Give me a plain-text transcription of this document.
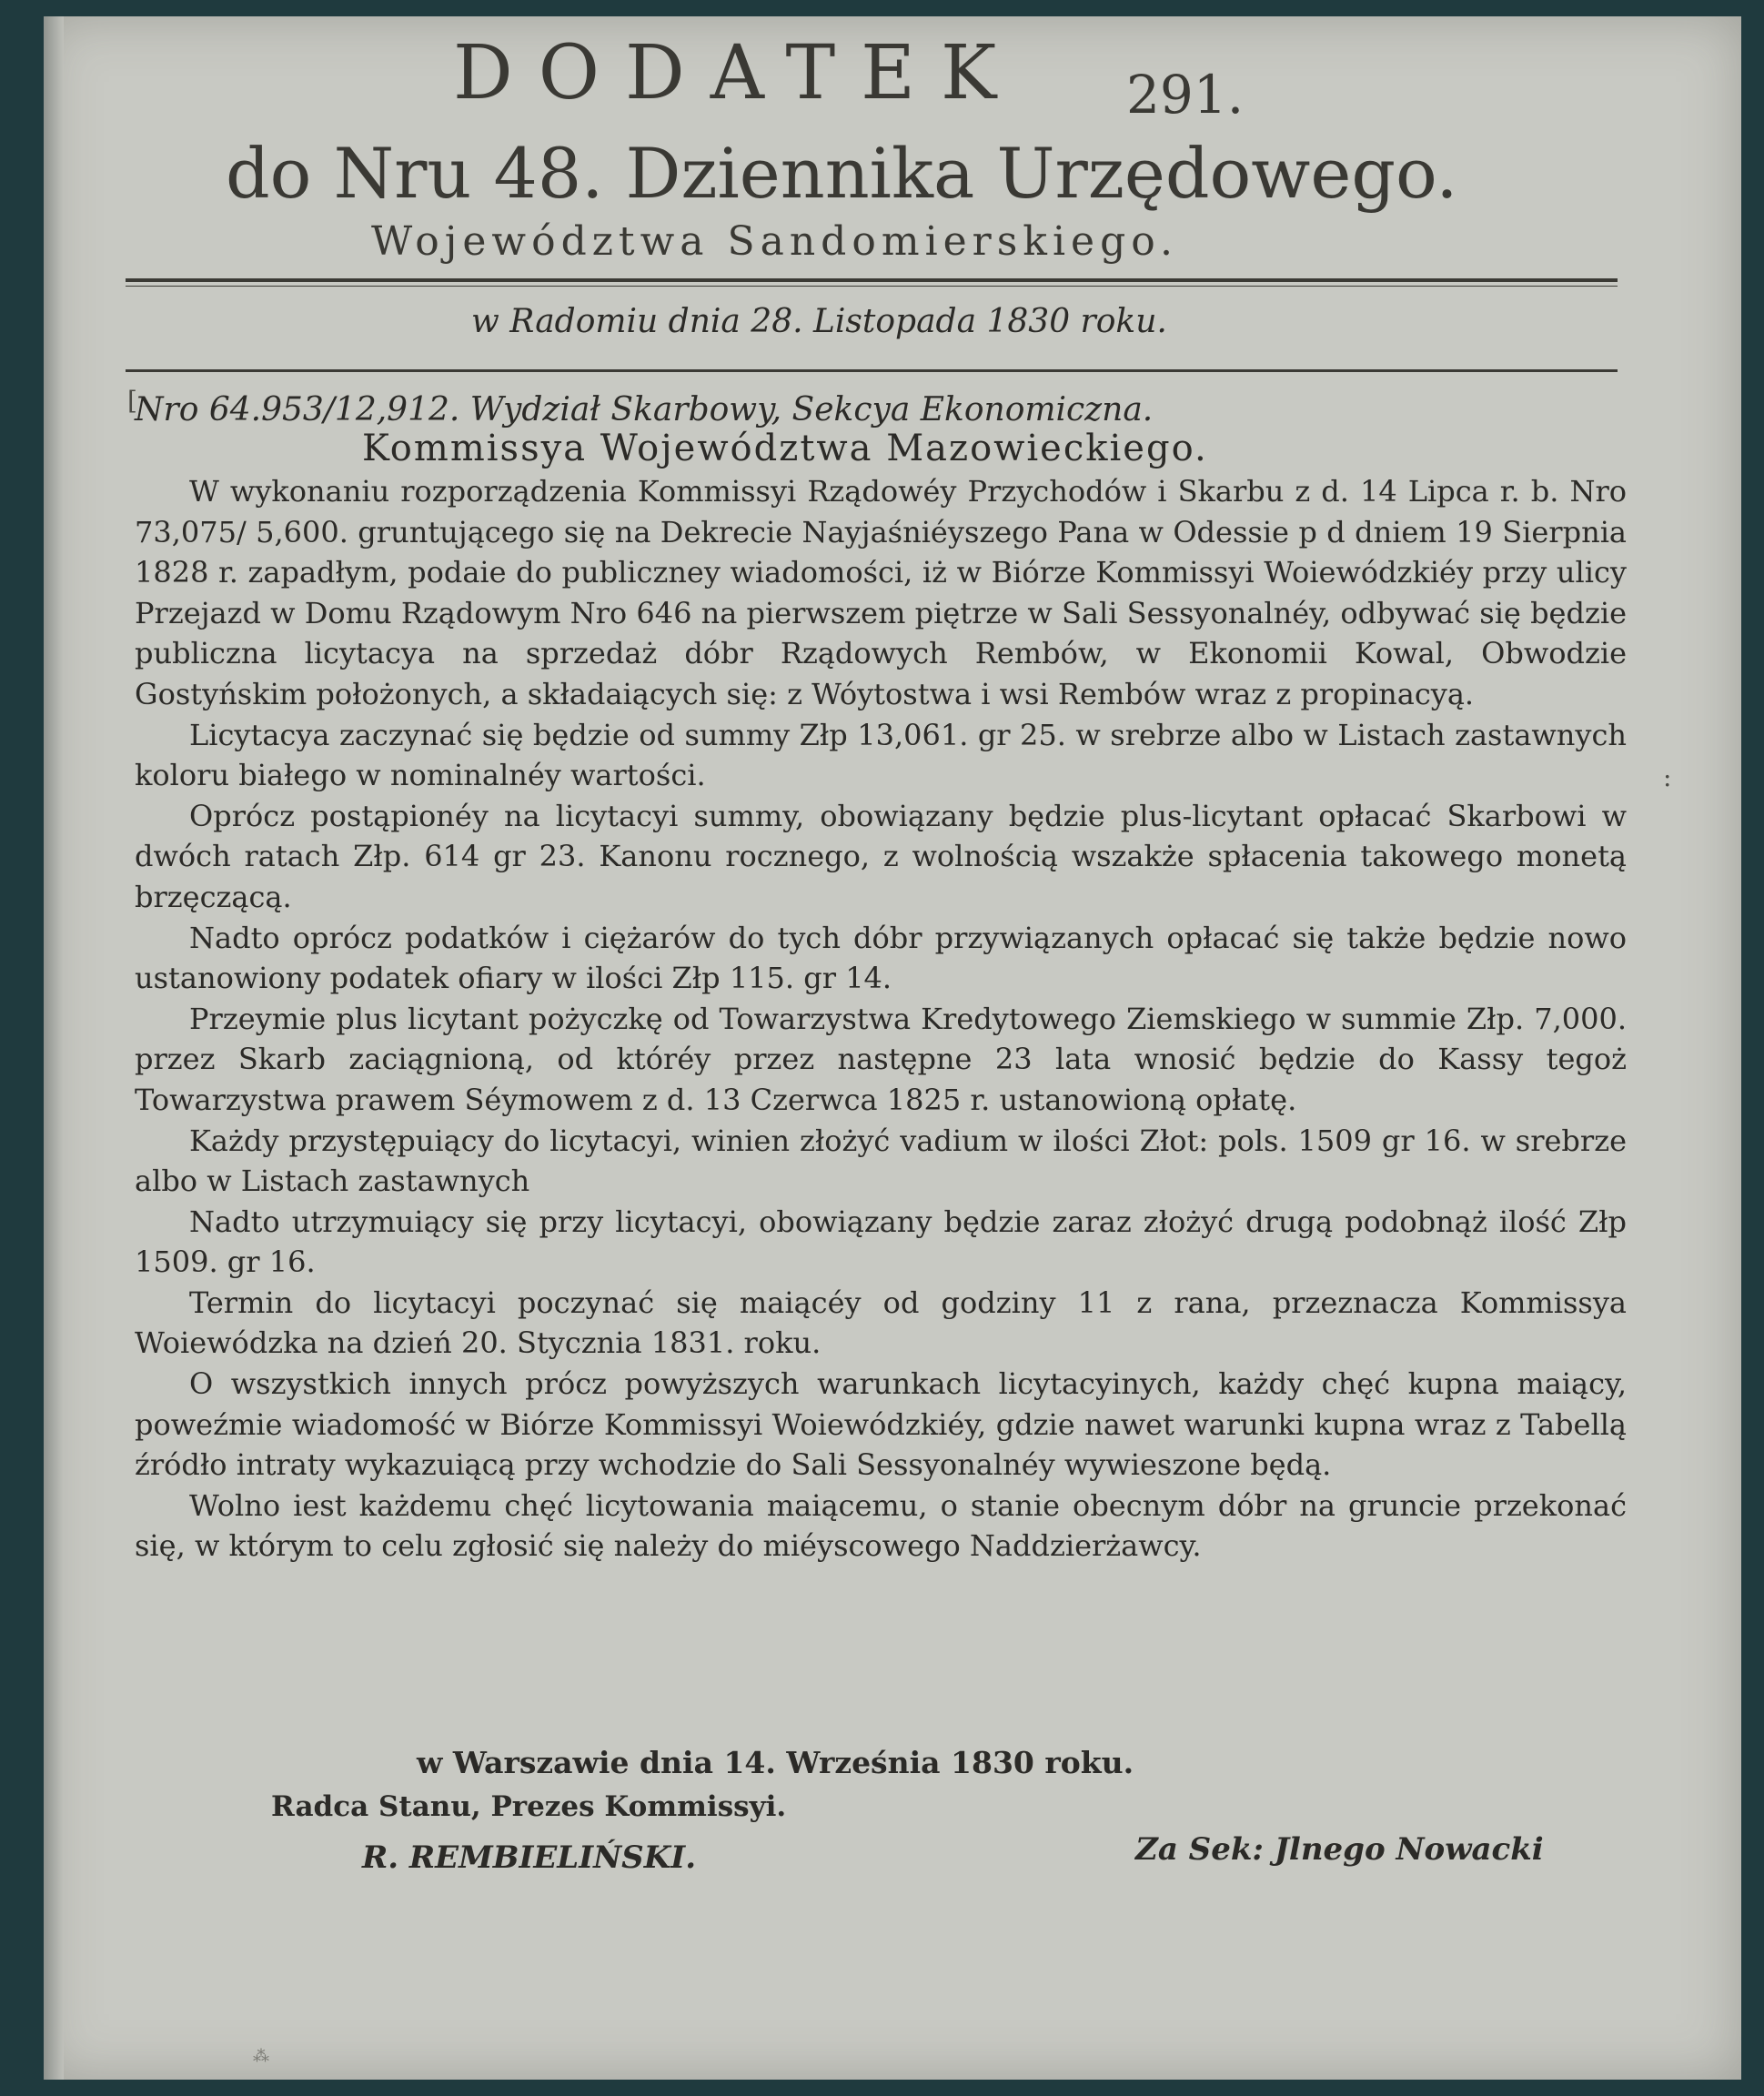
DODATEK	291.
do Nru 48. Dziennika Urzędowego.
Województwa Sandomierskiego.
w Radomiu dnia 28. Listopada 1830 roku.
Nro 64.953/12,912. Wydział Skarbowy, Sekcya Ekonomiczna.
Kommissya Województwa Mazowieckiego.

W wykonaniu rozporządzenia Kommissyi Rządowéy Przychodów i Skarbu z d. 14 Lipca r. b. Nro 73,075/ 5,600. gruntującego się na Dekrecie Nayjaśniéyszego Pana w Odessie p d dniem 19 Sierpnia 1828 r. zapadłym, podaie do publiczney wiadomości, iż w Biórze Kommissyi Woiewódzkiéy przy ulicy Przejazd w Domu Rządowym Nro 646 na pierwszem piętrze w Sali Sessyonalnéy, odbywać się będzie publiczna licytacya na sprzedaż dóbr Rządowych Rembów, w Ekonomii Kowal, Obwodzie Gostyńskim położonych, a składaiących się: z Wóytostwa i wsi Rembów wraz z propinacyą.

Licytacya zaczynać się będzie od summy Złp 13,061. gr 25. w srebrze albo w Listach zastawnych koloru białego w nominalnéy wartości.

Oprócz postąpionéy na licytacyi summy, obowiązany będzie plus-licytant opłacać Skarbowi w dwóch ratach Złp. 614 gr 23. Kanonu rocznego, z wolnością wszakże spłacenia takowego monetą brzęczącą.

Nadto oprócz podatków i ciężarów do tych dóbr przywiązanych opłacać się także będzie nowo ustanowiony podatek ofiary w ilości Złp 115. gr 14.

Przeymie plus licytant pożyczkę od Towarzystwa Kredytowego Ziemskiego w summie Złp. 7,000. przez Skarb zaciągnioną, od któréy przez następne 23 lata wnosić będzie do Kassy tegoż Towarzystwa prawem Séymowem z d. 13 Czerwca 1825 r. ustanowioną opłatę.

Każdy przystępuiący do licytacyi, winien złożyć vadium w ilości Złot: pols. 1509 gr 16. w srebrze albo w Listach zastawnych

Nadto utrzymuiący się przy licytacyi, obowiązany będzie zaraz złożyć drugą podobnąż ilość Złp 1509. gr 16.

Termin do licytacyi poczynać się maiącéy od godziny 11 z rana, przeznacza Kommissya Woiewódzka na dzień 20. Stycznia 1831. roku.

O wszystkich innych prócz powyższych warunkach licytacyinych, każdy chęć kupna maiący, poweźmie wiadomość w Biórze Kommissyi Woiewódzkiéy, gdzie nawet warunki kupna wraz z Tabellą źródło intraty wykazuiącą przy wchodzie do Sali Sessyonalnéy wywieszone będą.

Wolno iest każdemu chęć licytowania maiącemu, o stanie obecnym dóbr na gruncie przekonać się, w którym to celu zgłosić się należy do miéyscowego Naddzierżawcy.

w Warszawie dnia 14. Września 1830 roku.
Radca Stanu, Prezes Kommissyi.
R. REMBIELIŃSKI.	Za Sek: Jlnego Nowacki
[
:
⁂
